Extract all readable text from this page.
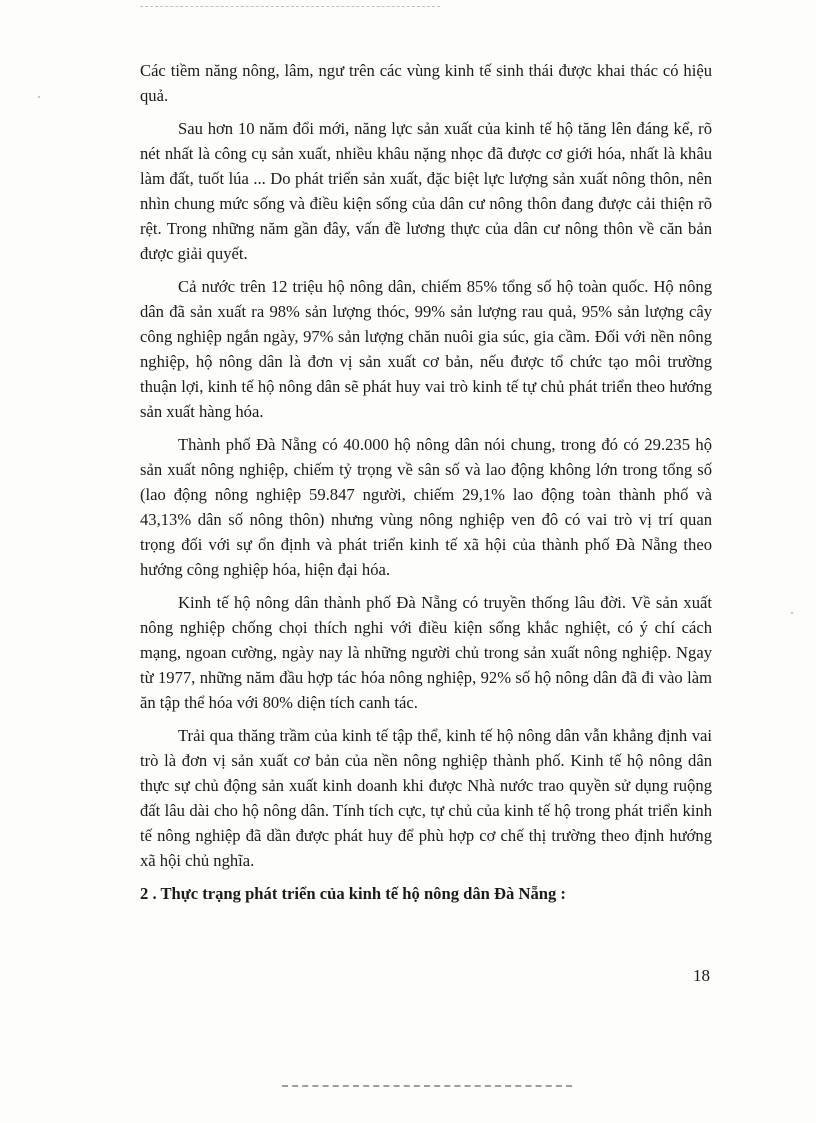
Các tiềm năng nông, lâm, ngư trên các vùng kinh tế sinh thái được khai thác có hiệu quả.

Sau hơn 10 năm đổi mới, năng lực sản xuất của kinh tế hộ tăng lên đáng kể, rõ nét nhất là công cụ sản xuất, nhiều khâu nặng nhọc đã được cơ giới hóa, nhất là khâu làm đất, tuốt lúa ... Do phát triển sản xuất, đặc biệt lực lượng sản xuất nông thôn, nên nhìn chung mức sống và điều kiện sống của dân cư nông thôn đang được cải thiện rõ rệt. Trong những năm gần đây, vấn đề lương thực của dân cư nông thôn về căn bản được giải quyết.

Cả nước trên 12 triệu hộ nông dân, chiếm 85% tổng số hộ toàn quốc. Hộ nông dân đã sản xuất ra 98% sản lượng thóc, 99% sản lượng rau quả, 95% sản lượng cây công nghiệp ngắn ngày, 97% sản lượng chăn nuôi gia súc, gia cầm. Đối với nền nông nghiệp, hộ nông dân là đơn vị sản xuất cơ bản, nếu được tổ chức tạo môi trường thuận lợi, kinh tế hộ nông dân sẽ phát huy vai trò kinh tế tự chủ phát triển theo hướng sản xuất hàng hóa.

Thành phố Đà Nẵng có 40.000 hộ nông dân nói chung, trong đó có 29.235 hộ sản xuất nông nghiệp, chiếm tỷ trọng về sân số và lao động không lớn trong tổng số (lao động nông nghiệp 59.847 người, chiếm 29,1% lao động toàn thành phố và 43,13% dân số nông thôn) nhưng vùng nông nghiệp ven đô có vai trò vị trí quan trọng đối với sự ổn định và phát triển kinh tế xã hội của thành phố Đà Nẵng theo hướng công nghiệp hóa, hiện đại hóa.

Kinh tế hộ nông dân thành phố Đà Nẵng có truyền thống lâu đời. Về sản xuất nông nghiệp chống chọi thích nghi với điều kiện sống khắc nghiệt, có ý chí cách mạng, ngoan cường, ngày nay là những người chủ trong sản xuất nông nghiệp. Ngay từ 1977, những năm đầu hợp tác hóa nông nghiệp, 92% số hộ nông dân đã đi vào làm ăn tập thể hóa với 80% diện tích canh tác.

Trải qua thăng trầm của kinh tế tập thể, kinh tế hộ nông dân vẫn khẳng định vai trò là đơn vị sản xuất cơ bản của nền nông nghiệp thành phố. Kinh tế hộ nông dân thực sự chủ động sản xuất kinh doanh khi được Nhà nước trao quyền sử dụng ruộng đất lâu dài cho hộ nông dân. Tính tích cực, tự chủ của kinh tế hộ trong phát triển kinh tế nông nghiệp đã dần được phát huy để phù hợp cơ chế thị trường theo định hướng xã hội chủ nghĩa.

2 . Thực trạng phát triển của kinh tế hộ nông dân Đà Nẵng :
18
